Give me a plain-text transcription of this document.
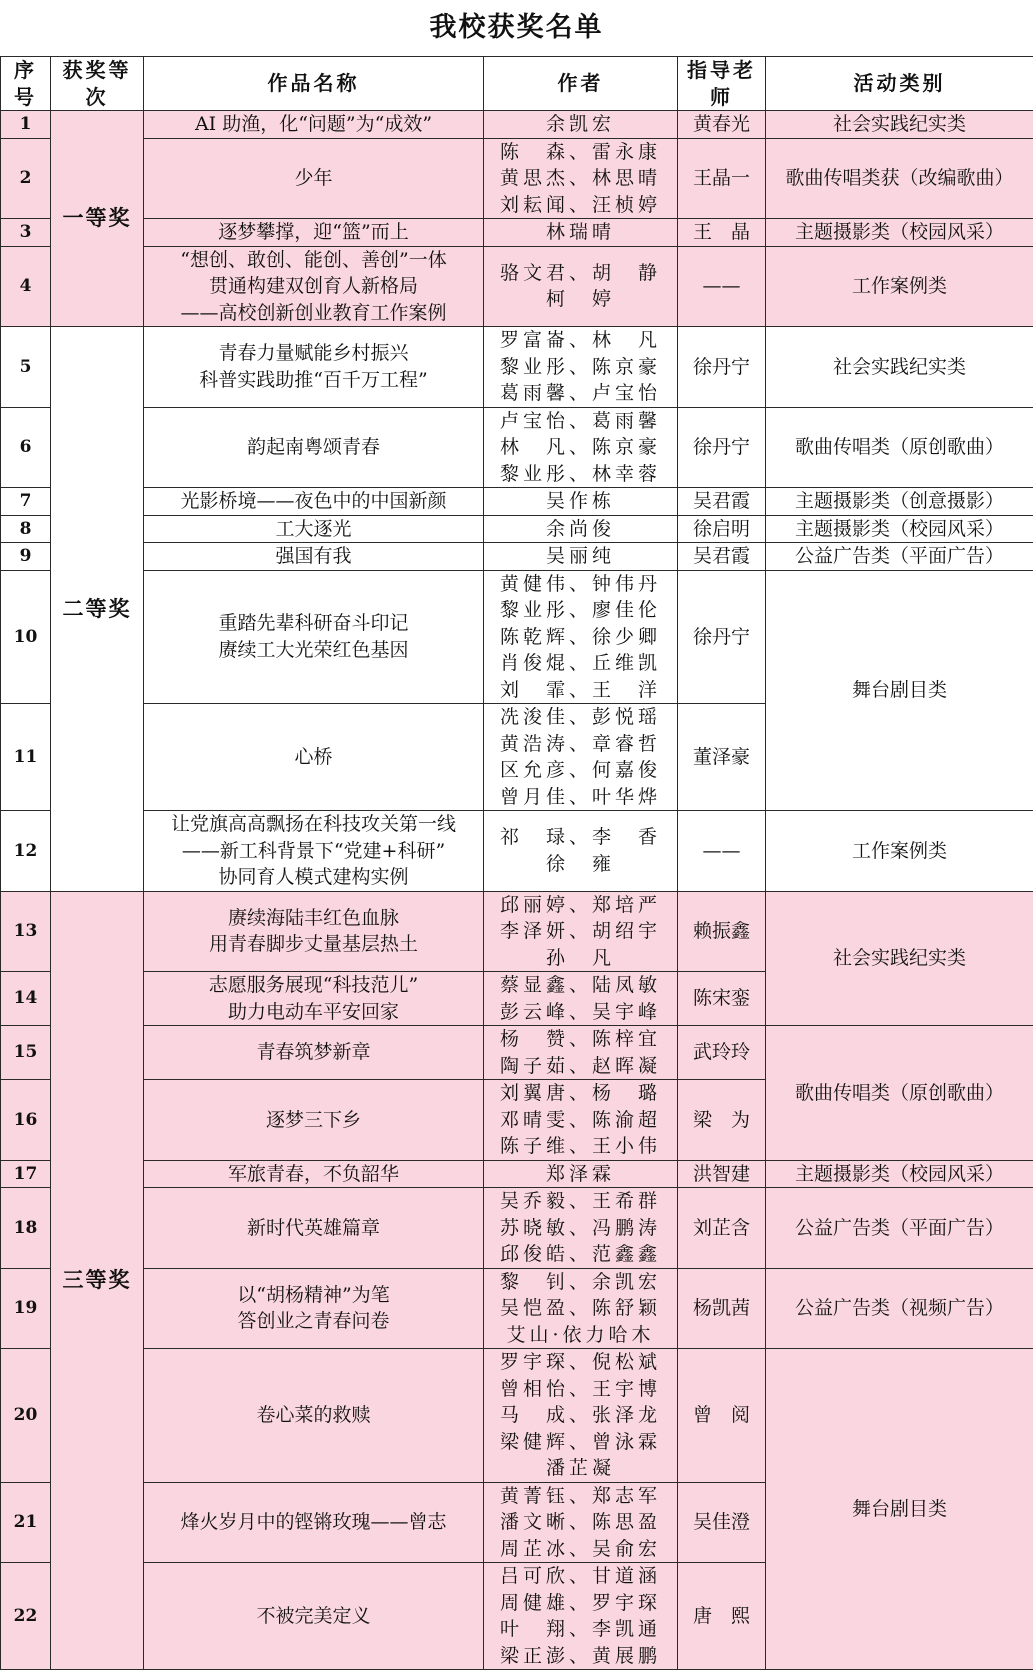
我校获奖名单
序号	获奖等次	作品名称	作者	指导老师	活动类别
1	一等奖	AI 助渔，化“问题”为“成效”	余凯宏	黄春光	社会实践纪实类
2		少年	陈　森、雷永康
黄思杰、林思晴
刘耘闻、汪桢婷	王晶一	歌曲传唱类获（改编歌曲）
3		逐梦攀撑，迎“篮”而上	林瑞晴	王　晶	主题摄影类（校园风采）
4		“想创、敢创、能创、善创”一体
贯通构建双创育人新格局
——高校创新创业教育工作案例	骆文君、胡　静
柯　婷	——	工作案例类
5	二等奖	青春力量赋能乡村振兴
科普实践助推“百千万工程”	罗富崙、林　凡
黎业彤、陈京豪
葛雨馨、卢宝怡	徐丹宁	社会实践纪实类
6		韵起南粤颂青春	卢宝怡、葛雨馨
林　凡、陈京豪
黎业彤、林幸蓉	徐丹宁	歌曲传唱类（原创歌曲）
7		光影桥境——夜色中的中国新颜	吴作栋	吴君霞	主题摄影类（创意摄影）
8		工大逐光	余尚俊	徐启明	主题摄影类（校园风采）
9		强国有我	吴丽纯	吴君霞	公益广告类（平面广告）
10		重踏先辈科研奋斗印记
赓续工大光荣红色基因	黄健伟、钟伟丹
黎业彤、廖佳伦
陈乾辉、徐少卿
肖俊焜、丘维凯
刘　霏、王　洋	徐丹宁	舞台剧目类
11		心桥	冼浚佳、彭悦瑶
黄浩涛、章睿哲
区允彦、何嘉俊
曾月佳、叶华烨	董泽豪	
12		让党旗高高飘扬在科技攻关第一线
——新工科背景下“党建+科研”
协同育人模式建构实例	祁　琭、李　香
徐　雍	——	工作案例类
13	三等奖	赓续海陆丰红色血脉
用青春脚步丈量基层热土	邱丽婷、郑培严
李泽妍、胡绍宇
孙　凡	赖振鑫	社会实践纪实类
14		志愿服务展现“科技范儿”
助力电动车平安回家	蔡显鑫、陆凤敏
彭云峰、吴宇峰	陈宋銮	
15		青春筑梦新章	杨　赞、陈梓宜
陶子茹、赵晖凝	武玲玲	歌曲传唱类（原创歌曲）
16		逐梦三下乡	刘翼唐、杨　璐
邓晴雯、陈渝超
陈子维、王小伟	梁　为	
17		军旅青春，不负韶华	郑泽霖	洪智建	主题摄影类（校园风采）
18		新时代英雄篇章	吴乔毅、王希群
苏晓敏、冯鹏涛
邱俊皓、范鑫鑫	刘芷含	公益广告类（平面广告）
19		以“胡杨精神”为笔
答创业之青春问卷	黎　钊、余凯宏
吴恺盈、陈舒颖
艾山·依力哈木	杨凯茜	公益广告类（视频广告）
20		卷心菜的救赎	罗宇琛、倪松斌
曾相怡、王宇博
马　成、张泽龙
梁健辉、曾泳霖
潘芷凝	曾　阅	舞台剧目类
21		烽火岁月中的铿锵玫瑰——曾志	黄菁钰、郑志军
潘文晰、陈思盈
周芷冰、吴俞宏	吴佳澄	
22		不被完美定义	吕可欣、甘道涵
周健雄、罗宇琛
叶　翔、李凯通
梁正澎、黄展鹏	唐　熙	
